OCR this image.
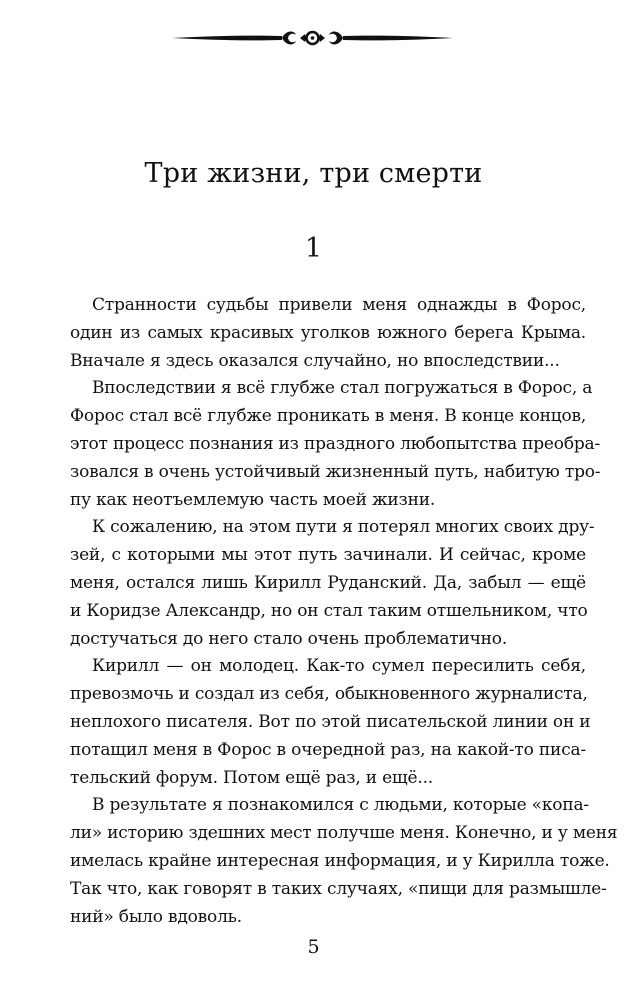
Три жизни, три смерти
1
Странности судьбы привели меня однажды в Форос,
один из самых красивых уголков южного берега Крыма.
Вначале я здесь оказался случайно, но впоследствии...
Впоследствии я всё глубже стал погружаться в Форос, а
Форос стал всё глубже проникать в меня. В конце концов,
этот процесс познания из праздного любопытства преобра-
зовался в очень устойчивый жизненный путь, набитую тро-
пу как неотъемлемую часть моей жизни.
К сожалению, на этом пути я потерял многих своих дру-
зей, с которыми мы этот путь зачинали. И сейчас, кроме
меня, остался лишь Кирилл Руданский. Да, забыл — ещё
и Коридзе Александр, но он стал таким отшельником, что
достучаться до него стало очень проблематично.
Кирилл — он молодец. Как-то сумел пересилить себя,
превозмочь и создал из себя, обыкновенного журналиста,
неплохого писателя. Вот по этой писательской линии он и
потащил меня в Форос в очередной раз, на какой-то писа-
тельский форум. Потом ещё раз, и ещё...
В результате я познакомился с людьми, которые «копа-
ли» историю здешних мест получше меня. Конечно, и у меня
имелась крайне интересная информация, и у Кирилла тоже.
Так что, как говорят в таких случаях, «пищи для размышле-
ний» было вдоволь.
5
